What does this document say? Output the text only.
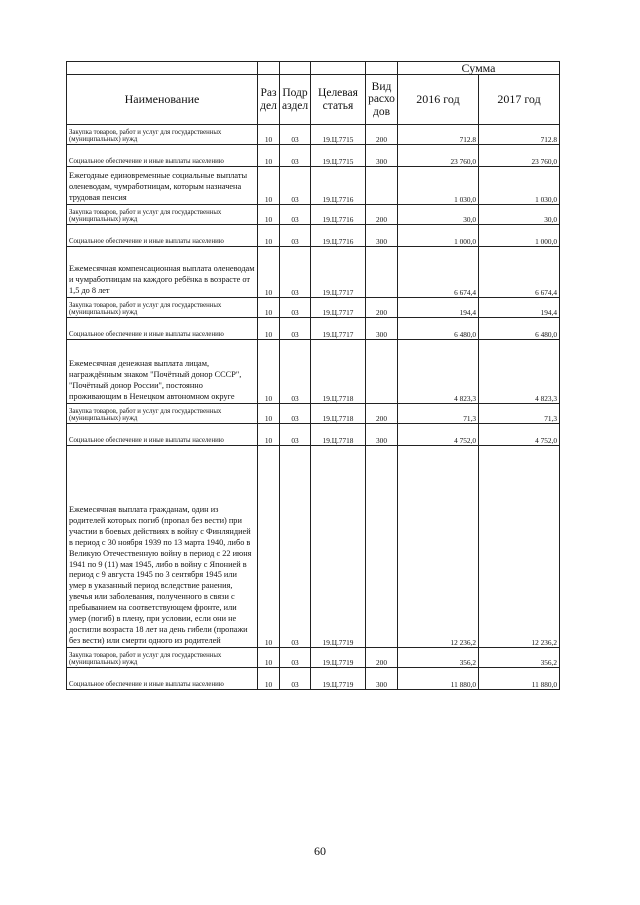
					Сумма	
Наименование	Раз дел	Подр аздел	Целевая статья	Вид расхо дов	2016 год	2017 год
Закупка товаров, работ и услуг для государственных (муниципальных) нужд	10	03	19.Ц.7715	200	712.8	712.8
Социальное обеспечение и иные выплаты населению	10	03	19.Ц.7715	300	23 760,0	23 760,0
Ежегодные единовременные социальные выплаты оленеводам, чумработницам, которым назначена трудовая пенсия	10	03	19.Ц.7716		1 030,0	1 030,0
Закупка товаров, работ и услуг для государственных (муниципальных) нужд	10	03	19.Ц.7716	200	30,0	30,0
Социальное обеспечение и иные выплаты населению	10	03	19.Ц.7716	300	1 000,0	1 000,0
Ежемесячная компенсационная выплата оленеводам и чумработницам на каждого ребёнка в возрасте от 1,5 до 8 лет	10	03	19.Ц.7717		6 674,4	6 674,4
Закупка товаров, работ и услуг для государственных (муниципальных) нужд	10	03	19.Ц.7717	200	194,4	194,4
Социальное обеспечение и иные выплаты населению	10	03	19.Ц.7717	300	6 480,0	6 480,0
Ежемесячная денежная выплата лицам, награждённым знаком "Почётный донор СССР", "Почётный донор России", постоянно проживающим в Ненецком автономном округе	10	03	19.Ц.7718		4 823,3	4 823,3
Закупка товаров, работ и услуг для государственных (муниципальных) нужд	10	03	19.Ц.7718	200	71,3	71,3
Социальное обеспечение и иные выплаты населению	10	03	19.Ц.7718	300	4 752,0	4 752,0
Ежемесячная выплата гражданам, один из родителей которых погиб (пропал без вести) при участии в боевых действиях в войну с Финляндией в период с 30 ноября 1939 по 13 марта 1940, либо в Великую Отечественную войну в период с 22 июня 1941 по 9 (11) мая 1945, либо в войну с Японией в период с 9 августа 1945 по 3 сентября 1945 или умер в указанный период вследствие ранения, увечья или заболевания, полученного в связи с пребыванием на соответствующем фронте, или умер (погиб) в плену, при условии, если они не достигли возраста 18 лет на день гибели (пропажи без вести) или смерти одного из родителей	10	03	19.Ц.7719		12 236,2	12 236,2
Закупка товаров, работ и услуг для государственных (муниципальных) нужд	10	03	19.Ц.7719	200	356,2	356,2
Социальное обеспечение и иные выплаты населению	10	03	19.Ц.7719	300	11 880,0	11 880,0
60
